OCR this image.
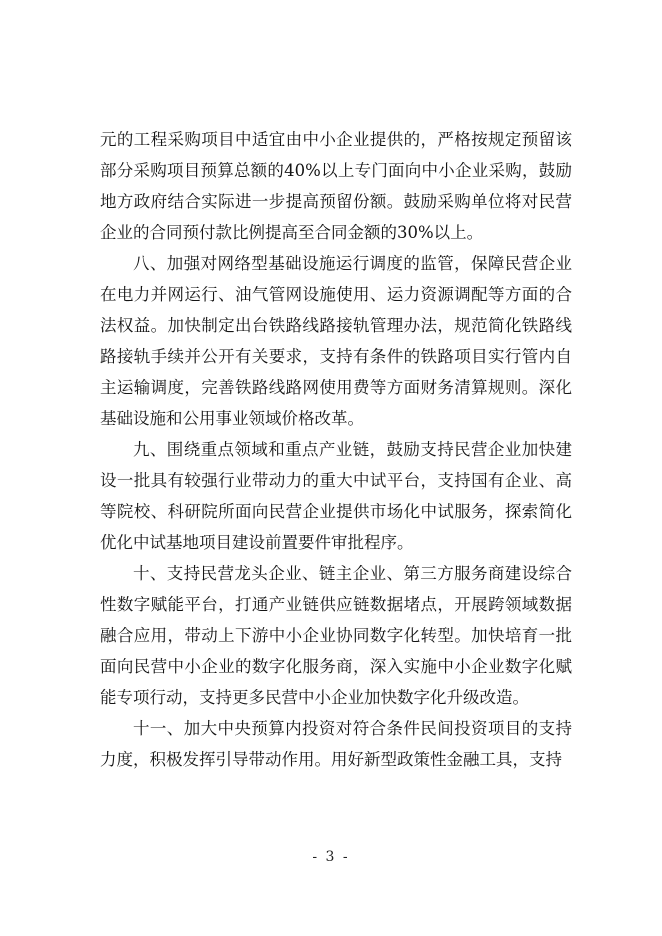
元的工程采购项目中适宜由中小企业提供的，严格按规定预留该部分采购项目预算总额的40%以上专门面向中小企业采购，鼓励地方政府结合实际进一步提高预留份额。鼓励采购单位将对民营企业的合同预付款比例提高至合同金额的30%以上。

八、加强对网络型基础设施运行调度的监管，保障民营企业在电力并网运行、油气管网设施使用、运力资源调配等方面的合法权益。加快制定出台铁路线路接轨管理办法，规范简化铁路线路接轨手续并公开有关要求，支持有条件的铁路项目实行管内自主运输调度，完善铁路线路网使用费等方面财务清算规则。深化基础设施和公用事业领域价格改革。

九、围绕重点领域和重点产业链，鼓励支持民营企业加快建设一批具有较强行业带动力的重大中试平台，支持国有企业、高等院校、科研院所面向民营企业提供市场化中试服务，探索简化优化中试基地项目建设前置要件审批程序。

十、支持民营龙头企业、链主企业、第三方服务商建设综合性数字赋能平台，打通产业链供应链数据堵点，开展跨领域数据融合应用，带动上下游中小企业协同数字化转型。加快培育一批面向民营中小企业的数字化服务商，深入实施中小企业数字化赋能专项行动，支持更多民营中小企业加快数字化升级改造。

十一、加大中央预算内投资对符合条件民间投资项目的支持力度，积极发挥引导带动作用。用好新型政策性金融工具，支持

- 3 -
